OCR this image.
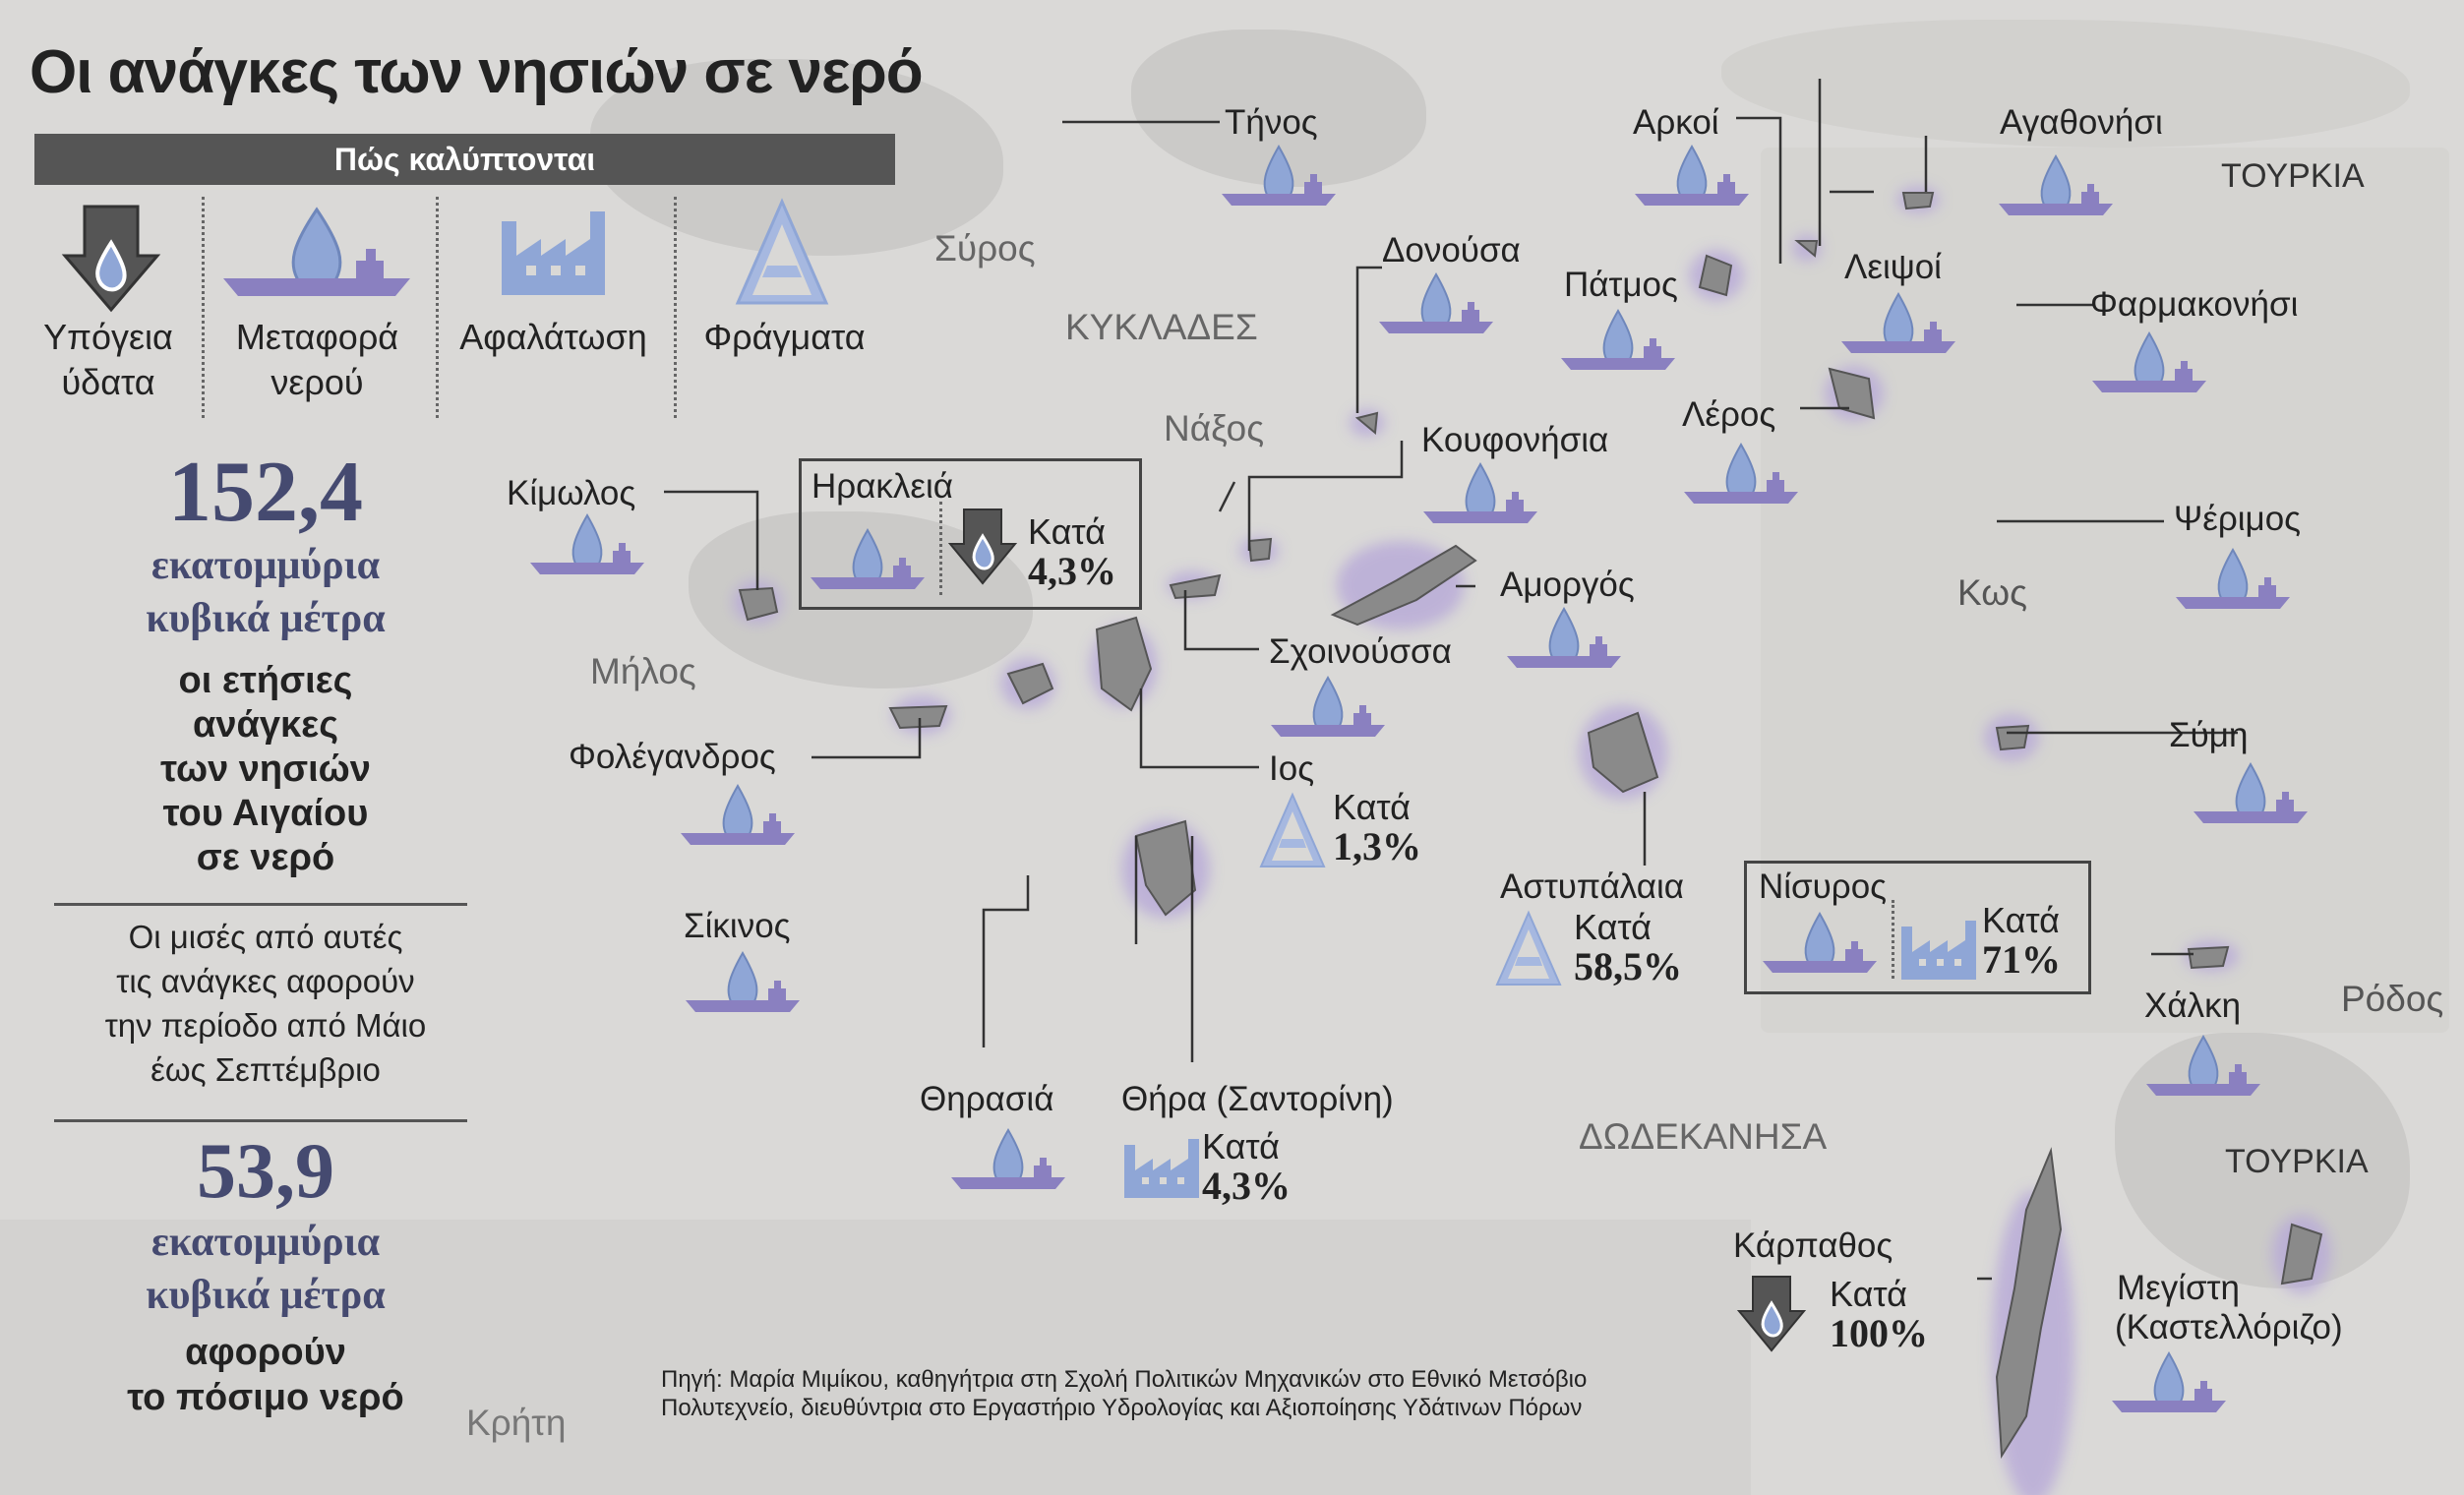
Οι ανάγκες των νησιών σε νερό
Πώς καλύπτονται
Υπόγεια
ύδατα
Μεταφορά
νερού
Αφαλάτωση	Φράγματα
152,4
εκατομμύρια
κυβικά μέτρα
οι ετήσιες
ανάγκες
των νησιών
του Αιγαίου
σε νερό
Οι μισές από αυτές
τις ανάγκες αφορούν
την περίοδο από Μάιο
έως Σεπτέμβριο
53,9
εκατομμύρια
κυβικά μέτρα
αφορούν
το πόσιμο νερό
ΚΥΚΛΑΔΕΣ
ΔΩΔΕΚΑΝΗΣΑ
ΤΟΥΡΚΙΑ
ΤΟΥΡΚΙΑ
Σύρος
Νάξος
Μήλος
Κως
Ρόδος
Κρήτη
Τήνος
Δονούσα
Κίμωλος
Κουφονήσια
Αμοργός
Σχοινούσσα
Ιος
Φολέγανδρος
Σίκινος
Θηρασιά Θήρα (Σαντορίνη)
Αρκοί	Αγαθονήσι
Πάτμος	Λειψοί
Φαρμακονήσι
Λέρος
Ψέριμος
Αστυπάλαια
Σύμη
Χάλκη
Κάρπαθος
Μεγίστη
(Καστελλόριζο)
Ηρακλειά
Κατά
4,3%
Νίσυρος
Κατά
71%
Κατά
1,3%
Κατά
4,3%
Κατά
58,5%
Κατά
100%
Πηγή: Μαρία Μιμίκου, καθηγήτρια στη Σχολή Πολιτικών Μηχανικών στο Εθνικό Μετσόβιο
Πολυτεχνείο, διευθύντρια στο Εργαστήριο Υδρολογίας και Αξιοποίησης Υδάτινων Πόρων
